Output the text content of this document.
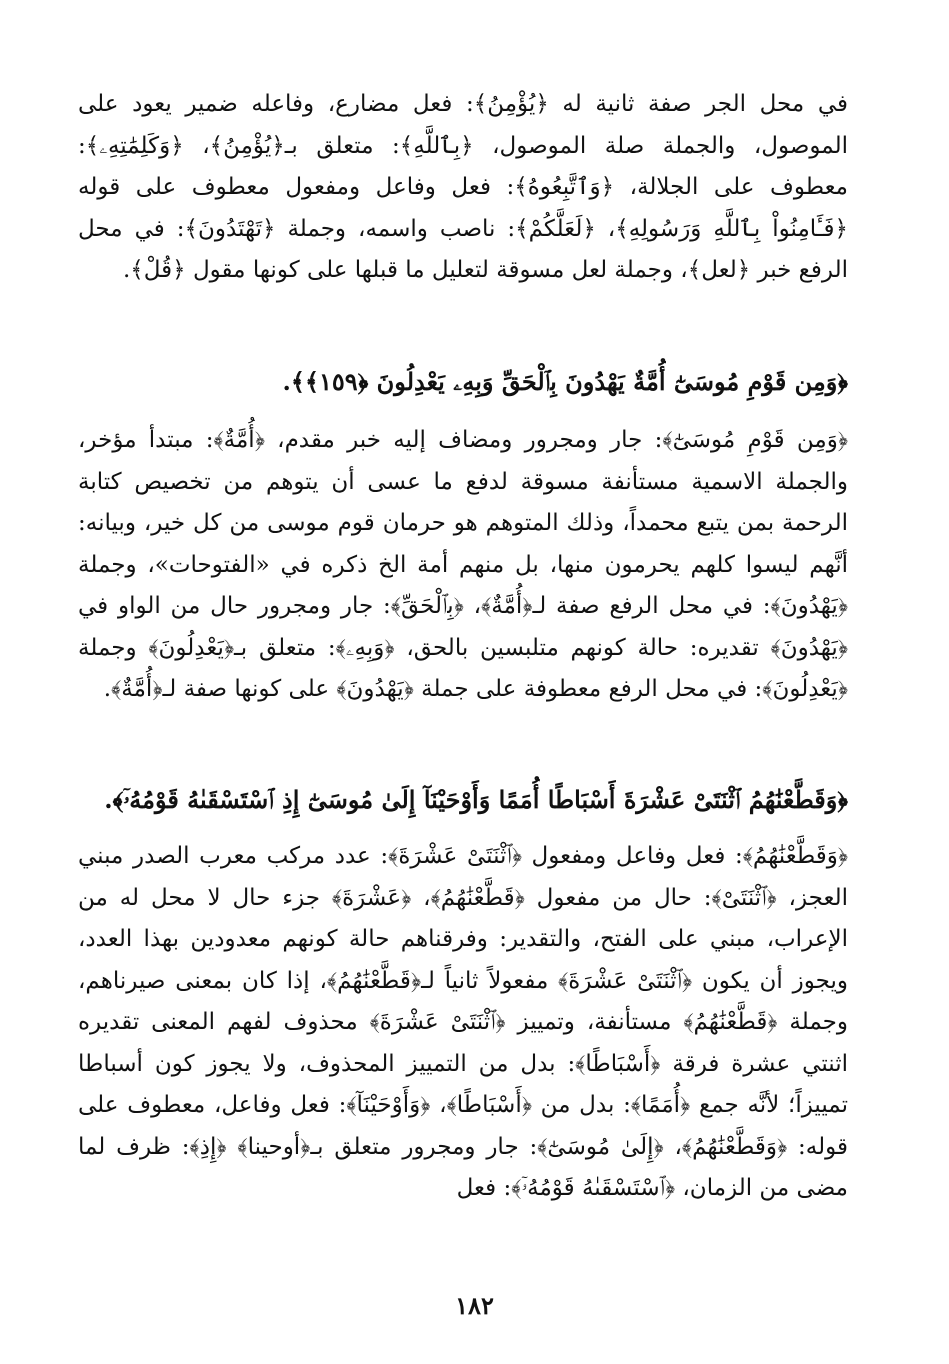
في محل الجر صفة ثانية له ﴿يُؤْمِنُ﴾: فعل مضارع، وفاعله ضمير يعود على الموصول، والجملة صلة الموصول، ﴿بِٱللَّهِ﴾: متعلق بـ﴿يُؤْمِنُ﴾، ﴿وَكَلِمَٰتِهِۦ﴾: معطوف على الجلالة، ﴿وَٱتَّبِعُوهُ﴾: فعل وفاعل ومفعول معطوف على قوله ﴿فَـَٔامِنُواْ بِٱللَّهِ وَرَسُولِهِ﴾، ﴿لَعَلَّكُمْ﴾: ناصب واسمه، وجملة ﴿تَهْتَدُونَ﴾: في محل الرفع خبر ﴿لعل﴾، وجملة لعل مسوقة لتعليل ما قبلها على كونها مقول ﴿قُلْ﴾.

﴿وَمِن قَوْمِ مُوسَىٰٓ أُمَّةٌ يَهْدُونَ بِٱلْحَقِّ وَبِهِۦ يَعْدِلُونَ ﴿١٥٩﴾﴾.

﴿وَمِن قَوْمِ مُوسَىٰٓ﴾: جار ومجرور ومضاف إليه خبر مقدم، ﴿أُمَّةٌ﴾: مبتدأ مؤخر، والجملة الاسمية مستأنفة مسوقة لدفع ما عسى أن يتوهم من تخصيص كتابة الرحمة بمن يتبع محمداً، وذلك المتوهم هو حرمان قوم موسى من كل خير، وبيانه: أنَّهم ليسوا كلهم يحرمون منها، بل منهم أمة الخ ذكره في «الفتوحات»، وجملة ﴿يَهْدُونَ﴾: في محل الرفع صفة لـ﴿أُمَّةٌ﴾، ﴿بِٱلْحَقِّ﴾: جار ومجرور حال من الواو في ﴿يَهْدُونَ﴾ تقديره: حالة كونهم متلبسين بالحق، ﴿وَبِهِۦ﴾: متعلق بـ﴿يَعْدِلُونَ﴾ وجملة ﴿يَعْدِلُونَ﴾: في محل الرفع معطوفة على جملة ﴿يَهْدُونَ﴾ على كونها صفة لـ﴿أُمَّةٌ﴾.

﴿وَقَطَّعْنَٰهُمُ ٱثْنَتَىْ عَشْرَةَ أَسْبَاطًا أُمَمًا وَأَوْحَيْنَآ إِلَىٰ مُوسَىٰٓ إِذِ ٱسْتَسْقَىٰهُ قَوْمُهُۥٓ﴾.

﴿وَقَطَّعْنَٰهُمُ﴾: فعل وفاعل ومفعول ﴿ٱثْنَتَىْ عَشْرَةَ﴾: عدد مركب معرب الصدر مبني العجز، ﴿ٱثْنَتَىْ﴾: حال من مفعول ﴿قَطَّعْنَٰهُمُ﴾، ﴿عَشْرَةَ﴾ جزء حال لا محل له من الإعراب، مبني على الفتح، والتقدير: وفرقناهم حالة كونهم معدودين بهذا العدد، ويجوز أن يكون ﴿ٱثْنَتَىْ عَشْرَةَ﴾ مفعولاً ثانياً لـ﴿قَطَّعْنَٰهُمُ﴾، إذا كان بمعنى صيرناهم، وجملة ﴿قَطَّعْنَٰهُمُ﴾ مستأنفة، وتمييز ﴿ٱثْنَتَىْ عَشْرَةَ﴾ محذوف لفهم المعنى تقديره اثنتي عشرة فرقة ﴿أَسْبَاطًا﴾: بدل من التمييز المحذوف، ولا يجوز كون أسباطا تمييزاً؛ لأنَّه جمع ﴿أُمَمًا﴾: بدل من ﴿أَسْبَاطًا﴾، ﴿وَأَوْحَيْنَآ﴾: فعل وفاعل، معطوف على قوله: ﴿وَقَطَّعْنَٰهُمُ﴾، ﴿إِلَىٰ مُوسَىٰٓ﴾: جار ومجرور متعلق بـ﴿أوحينا﴾ ﴿إِذِ﴾: ظرف لما مضى من الزمان، ﴿ٱسْتَسْقَىٰهُ قَوْمُهُۥٓ﴾: فعل

١٨٢
